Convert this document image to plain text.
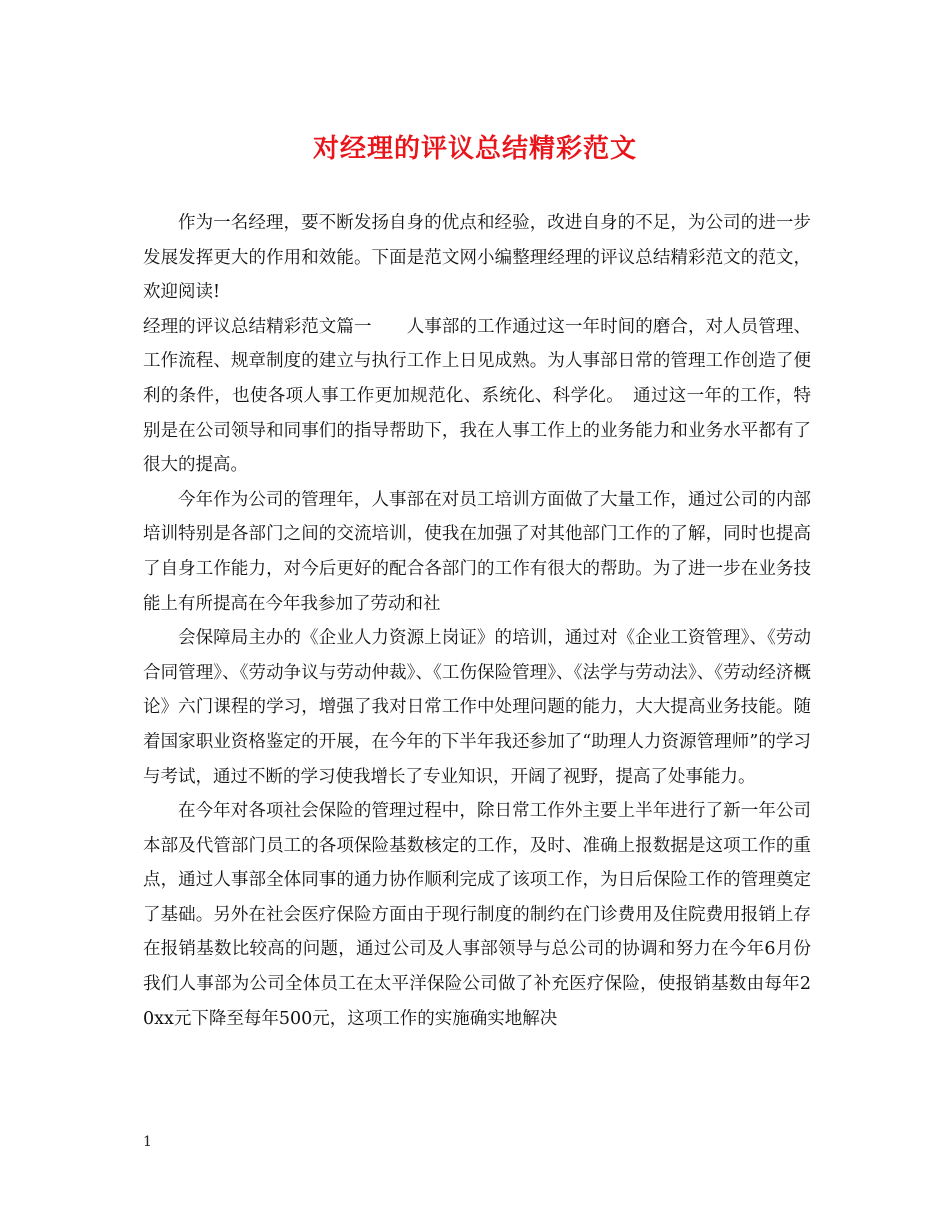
对经理的评议总结精彩范文

作为一名经理，要不断发扬自身的优点和经验，改进自身的不足，为公司的进一步发展发挥更大的作用和效能。下面是范文网小编整理经理的评议总结精彩范文的范文，欢迎阅读!

经理的评议总结精彩范文篇一　　人事部的工作通过这一年时间的磨合，对人员管理、工作流程、规章制度的建立与执行工作上日见成熟。为人事部日常的管理工作创造了便利的条件，也使各项人事工作更加规范化、系统化、科学化。　通过这一年的工作，特别是在公司领导和同事们的指导帮助下，我在人事工作上的业务能力和业务水平都有了很大的提高。

今年作为公司的管理年，人事部在对员工培训方面做了大量工作，通过公司的内部培训特别是各部门之间的交流培训，使我在加强了对其他部门工作的了解，同时也提高了自身工作能力，对今后更好的配合各部门的工作有很大的帮助。为了进一步在业务技能上有所提高在今年我参加了劳动和社

会保障局主办的《企业人力资源上岗证》的培训，通过对《企业工资管理》、《劳动合同管理》、《劳动争议与劳动仲裁》、《工伤保险管理》、《法学与劳动法》、《劳动经济概论》六门课程的学习，增强了我对日常工作中处理问题的能力，大大提高业务技能。随着国家职业资格鉴定的开展，在今年的下半年我还参加了“助理人力资源管理师”的学习与考试，通过不断的学习使我增长了专业知识，开阔了视野，提高了处事能力。

在今年对各项社会保险的管理过程中，除日常工作外主要上半年进行了新一年公司本部及代管部门员工的各项保险基数核定的工作，及时、准确上报数据是这项工作的重点，通过人事部全体同事的通力协作顺利完成了该项工作，为日后保险工作的管理奠定了基础。另外在社会医疗保险方面由于现行制度的制约在门诊费用及住院费用报销上存在报销基数比较高的问题，通过公司及人事部领导与总公司的协调和努力在今年6月份我们人事部为公司全体员工在太平洋保险公司做了补充医疗保险，使报销基数由每年20xx元下降至每年500元，这项工作的实施确实地解决

1
